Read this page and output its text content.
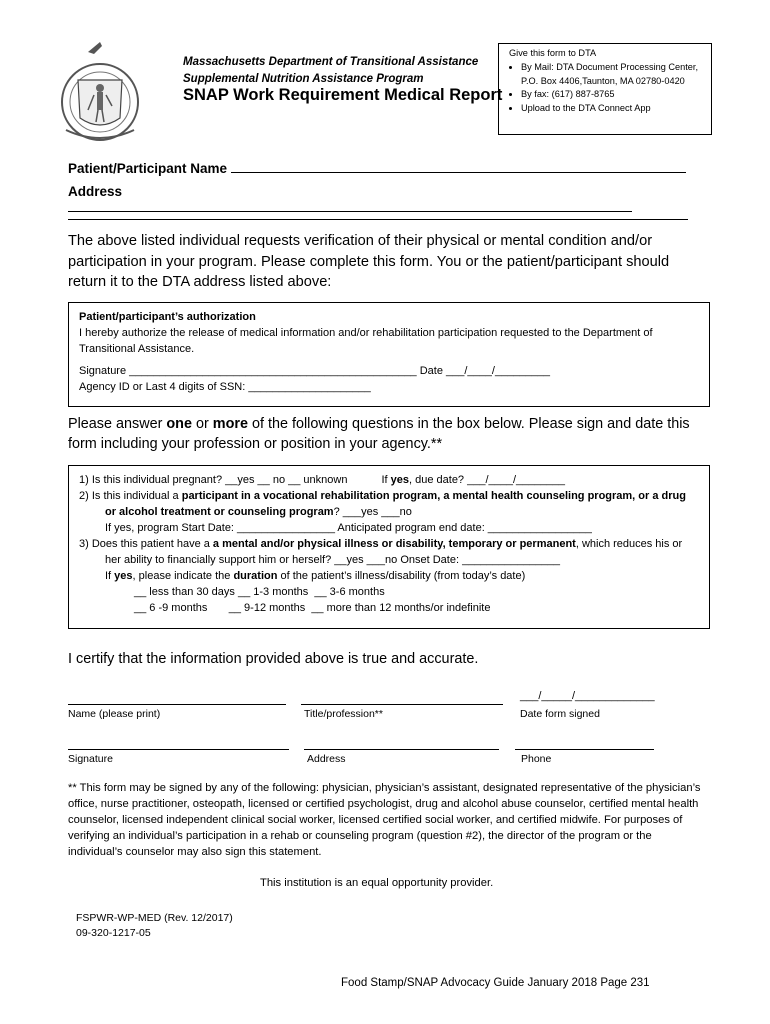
Massachusetts Department of Transitional Assistance
Supplemental Nutrition Assistance Program
SNAP Work Requirement Medical Report
Give this form to DTA
• By Mail: DTA Document Processing Center, P.O. Box 4406,Taunton, MA 02780-0420
• By fax: (617) 887-8765
• Upload to the DTA Connect App
Patient/Participant Name
Address
The above listed individual requests verification of their physical or mental condition and/or participation in your program. Please complete this form. You or the patient/participant should return it to the DTA address listed above:
Patient/participant’s authorization
I hereby authorize the release of medical information and/or rehabilitation participation requested to the Department of Transitional Assistance.
Signature _______________________________________________ Date ___/____/_________
Agency ID or Last 4 digits of SSN: ____________________
Please answer one or more of the following questions in the box below. Please sign and date this form including your profession or position in your agency.**
1) Is this individual pregnant? __yes __ no __ unknown	If yes, due date? ___/____/________
2) Is this individual a participant in a vocational rehabilitation program, a mental health counseling program, or a drug
or alcohol treatment or counseling program? ___yes ___no
If yes, program Start Date: ________________ Anticipated program end date: _________________
3) Does this patient have a a mental and/or physical illness or disability, temporary or permanent, which reduces his or
her ability to financially support him or herself? __yes ___no Onset Date: ________________
If yes, please indicate the duration of the patient’s illness/disability (from today’s date)
__ less than 30 days __ 1-3 months  __ 3-6 months
__ 6 -9 months       __ 9-12 months  __ more than 12 months/or indefinite
I certify that the information provided above is true and accurate.
___/_____/_____________
Name (please print)	Title/profession**	Date form signed
Signature	Address	Phone
** This form may be signed by any of the following: physician, physician’s assistant, designated representative of the physician’s office, nurse practitioner, osteopath, licensed or certified psychologist, drug and alcohol abuse counselor, certified mental health counselor, licensed independent clinical social worker, licensed certified social worker, and certified midwife. For purposes of verifying an individual’s participation in a rehab or counseling program (question #2), the director of the program or the individual’s counselor may also sign this statement.
This institution is an equal opportunity provider.
FSPWR-WP-MED (Rev. 12/2017)
09-320-1217-05
Food Stamp/SNAP Advocacy Guide January 2018 Page 231
